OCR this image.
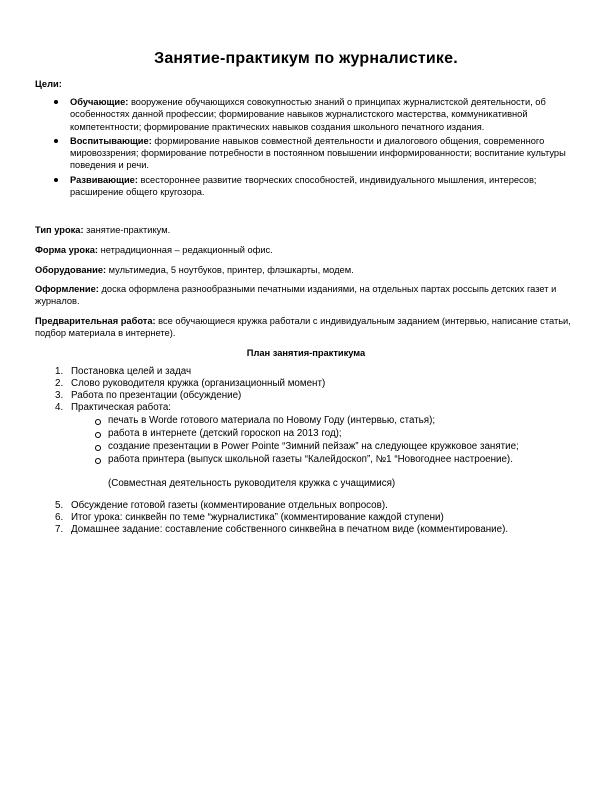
Занятие-практикум по журналистике.
Цели:
Обучающие: вооружение обучающихся совокупностью знаний о принципах журналистской деятельности, об особенностях данной профессии; формирование навыков журналистского мастерства, коммуникативной компетентности; формирование практических навыков создания школьного печатного издания.
Воспитывающие: формирование навыков совместной деятельности и диалогового общения, современного мировоззрения; формирование потребности в постоянном повышении информированности; воспитание культуры поведения и речи.
Развивающие: всестороннее развитие творческих способностей, индивидуального мышления, интересов; расширение общего кругозора.
Тип урока: занятие-практикум.
Форма урока: нетрадиционная – редакционный офис.
Оборудование: мультимедиа, 5 ноутбуков, принтер, флэшкарты, модем.
Оформление: доска оформлена разнообразными печатными изданиями, на отдельных партах россыпь детских газет и журналов.
Предварительная работа: все обучающиеся кружка работали с индивидуальным заданием (интервью, написание статьи, подбор материала в интернете).
План занятия-практикума
1. Постановка целей и задач
2. Слово руководителя кружка (организационный момент)
3. Работа по презентации (обсуждение)
4. Практическая работа:
печать в Worde готового материала по Новому Году (интервью, статья);
работа в интернете (детский гороскоп на 2013 год);
создание презентации в Power Pointe “Зимний пейзаж” на следующее кружковое занятие;
работа принтера (выпуск школьной газеты “Калейдоскоп”, №1 “Новогоднее настроение).
(Совместная деятельность руководителя кружка с учащимися)
5. Обсуждение готовой газеты (комментирование отдельных вопросов).
6. Итог урока: синквейн по теме “журналистика” (комментирование каждой ступени)
7. Домашнее задание: составление собственного синквейна в печатном виде (комментирование).
